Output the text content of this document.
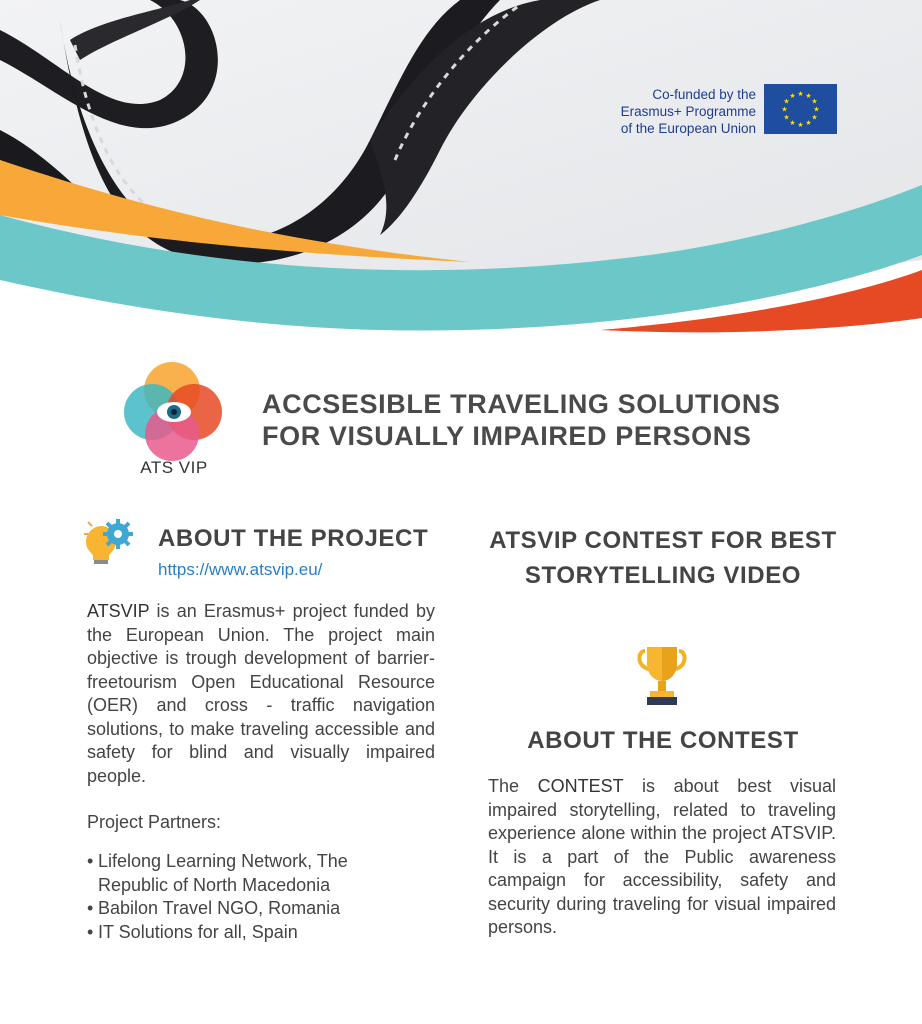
Co-funded by the
Erasmus+ Programme
of the European Union
★ ★
★
★
★
★
★
★
★
★
★
★
ATS VIP
ACCSESIBLE TRAVELING SOLUTIONS
FOR VISUALLY IMPAIRED PERSONS
ABOUT THE PROJECT
https://www.atsvip.eu/
ATSVIP is an Erasmus+ project funded by the European Union. The project main objective is trough development of barrier-freetourism Open Educational Resource (OER) and cross - traffic navigation solutions, to make traveling accessible and safety for blind and visually impaired people.
Project Partners:
• Lifelong Learning Network, The Republic of North Macedonia
• Babilon Travel NGO, Romania
• IT Solutions for all, Spain
ATSVIP CONTEST FOR BEST
STORYTELLING VIDEO
ABOUT THE CONTEST
The CONTEST is about best visual impaired storytelling, related to traveling experience alone within the project ATSVIP. It is a part of the Public awareness campaign for accessibility, safety and security during traveling for visual impaired persons.
